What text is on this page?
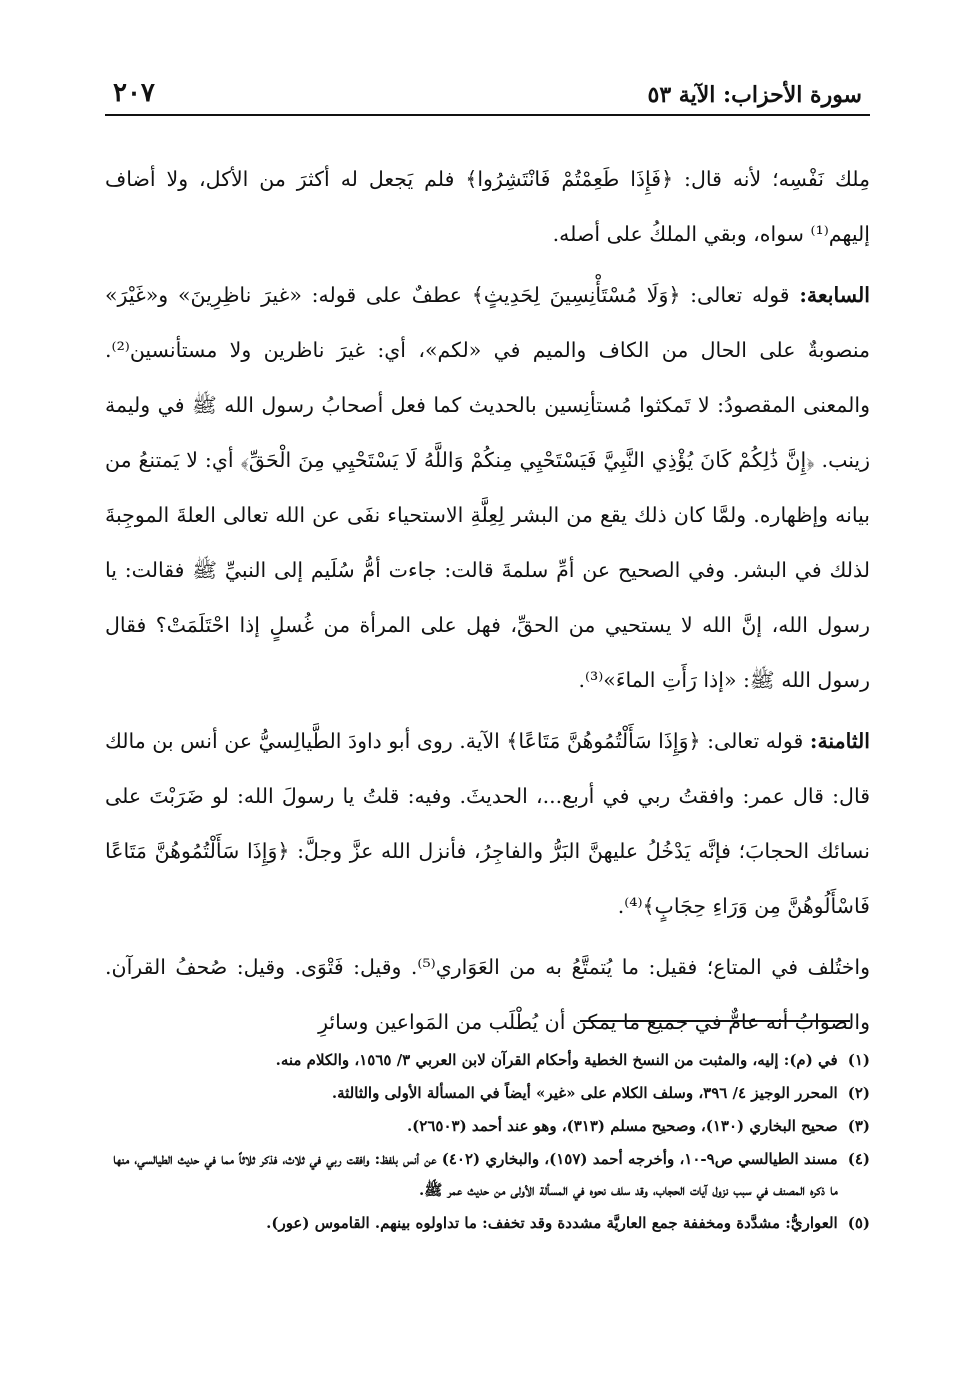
سورة الأحزاب: الآية ٥٣
٢٠٧

مِلك نَفْسِه؛ لأنه قال: ﴿فَإِذَا طَعِمْتُمْ فَانْتَشِرُوا﴾ فلم يَجعل له أكثرَ من الأكل، ولا أضاف إليهم⁽¹⁾ سواه، وبقي الملكُ على أصله.

السابعة: قوله تعالى: ﴿وَلَا مُسْتَأْنِسِينَ لِحَدِيثٍ﴾ عطفٌ على قوله: «غيرَ ناظِرِينَ» و«غَيْرَ» منصوبةٌ على الحال من الكاف والميم في «لكم»، أي: غيرَ ناظرين ولا مستأنسين⁽²⁾. والمعنى المقصودُ: لا تَمكثوا مُستأنِسين بالحديث كما فعل أصحابُ رسول الله ﷺ في وليمة زينب. ﴿إِنَّ ذَٰلِكُمْ كَانَ يُؤْذِي النَّبِيَّ فَيَسْتَحْيِي مِنكُمْ وَاللَّهُ لَا يَسْتَحْيِي مِنَ الْحَقِّ﴾ أي: لا يَمتنعُ من بيانه وإظهاره. ولمَّا كان ذلك يقع من البشر لِعِلَّةِ الاستحياء نفَى عن الله تعالى العلةَ الموجِبةَ لذلك في البشر. وفي الصحيح عن أمِّ سلمةَ قالت: جاءت أمُّ سُلَيم إلى النبيِّ ﷺ فقالت: يا رسول الله، إنَّ الله لا يستحيي من الحقِّ، فهل على المرأة من غُسلٍ إذا احْتَلَمَتْ؟ فقال رسول الله ﷺ: «إذا رَأَتِ الماءَ»⁽³⁾.

الثامنة: قوله تعالى: ﴿وَإِذَا سَأَلْتُمُوهُنَّ مَتَاعًا﴾ الآية. روى أبو داودَ الطَّيالِسيُّ عن أنس بن مالك قال: قال عمر: وافقتُ ربي في أربع...، الحديثَ. وفيه: قلتُ يا رسولَ الله: لو ضَرَبْتَ على نسائك الحجابَ؛ فإنَّه يَدْخُلُ عليهنَّ البَرُّ والفاجِرُ، فأنزل الله عزَّ وجلَّ: ﴿وَإِذَا سَأَلْتُمُوهُنَّ مَتَاعًا فَاسْأَلُوهُنَّ مِن وَرَاءِ حِجَابٍ﴾⁽⁴⁾.

واختُلف في المتاع؛ فقيل: ما يُتمتَّعُ به من العَوَاري⁽⁵⁾. وقيل: فَتْوَى. وقيل: صُحفُ القرآن. والصوابُ أنه عامٌّ في جميع ما يمكن أن يُطْلَب من المَواعين وسائرِ

(١)
في (م): إليه، والمثبت من النسخ الخطية وأحكام القرآن لابن العربي ٣/ ١٥٦٥، والكلام منه.
(٢)
المحرر الوجيز ٤/ ٣٩٦، وسلف الكلام على «غير» أيضاً في المسألة الأولى والثالثة.
(٣)
صحيح البخاري (١٣٠)، وصحيح مسلم (٣١٣)، وهو عند أحمد (٢٦٥٠٣).
(٤)
مسند الطيالسي ص٩-١٠، وأخرجه أحمد (١٥٧)، والبخاري (٤٠٢) عن أنس بلفظ: وافقت ربي في ثلاث، فذكر ثلاثاً مما في حديث الطيالسي، منها ما ذكره المصنف في سبب نزول آيات الحجاب، وقد سلف نحوه في المسألة الأولى من حديث عمر ﷺ.
(٥)
العواريُّ: مشدَّدة ومخففة جمع العاريَّة مشددة وقد تخفف: ما تداولوه بينهم. القاموس (عور).
